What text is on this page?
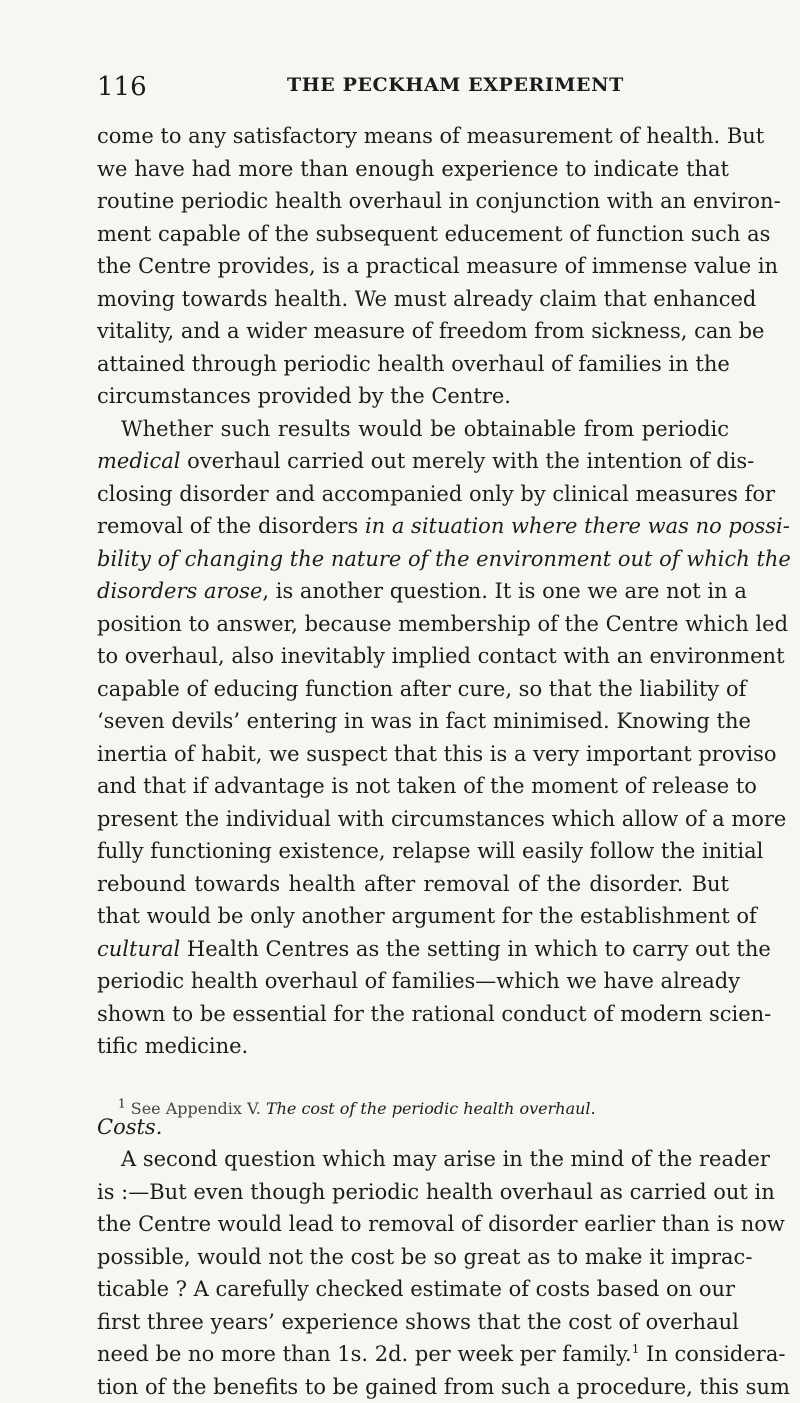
116	THE PECKHAM EXPERIMENT
come to any satisfactory means of measurement of health. But
we have had more than enough experience to indicate that
routine periodic health overhaul in conjunction with an environ-
ment capable of the subsequent educement of function such as
the Centre provides, is a practical measure of immense value in
moving towards health. We must already claim that enhanced
vitality, and a wider measure of freedom from sickness, can be
attained through periodic health overhaul of families in the
circumstances provided by the Centre.
Whether such results would be obtainable from periodic
medical overhaul carried out merely with the intention of dis-
closing disorder and accompanied only by clinical measures for
removal of the disorders in a situation where there was no possi-
bility of changing the nature of the environment out of which the
disorders arose, is another question. It is one we are not in a
position to answer, because membership of the Centre which led
to overhaul, also inevitably implied contact with an environment
capable of educing function after cure, so that the liability of
‘seven devils’ entering in was in fact minimised. Knowing the
inertia of habit, we suspect that this is a very important proviso
and that if advantage is not taken of the moment of release to
present the individual with circumstances which allow of a more
fully functioning existence, relapse will easily follow the initial
rebound towards health after removal of the disorder. But
that would be only another argument for the establishment of
cultural Health Centres as the setting in which to carry out the
periodic health overhaul of families—which we have already
shown to be essential for the rational conduct of modern scien-
tific medicine.
Costs.
A second question which may arise in the mind of the reader
is :—But even though periodic health overhaul as carried out in
the Centre would lead to removal of disorder earlier than is now
possible, would not the cost be so great as to make it imprac-
ticable ? A carefully checked estimate of costs based on our
first three years’ experience shows that the cost of overhaul
need be no more than 1s. 2d. per week per family.$^1$ In considera-
tion of the benefits to be gained from such a procedure, this sum
$^1$ See Appendix V. The cost of the periodic health overhaul.
